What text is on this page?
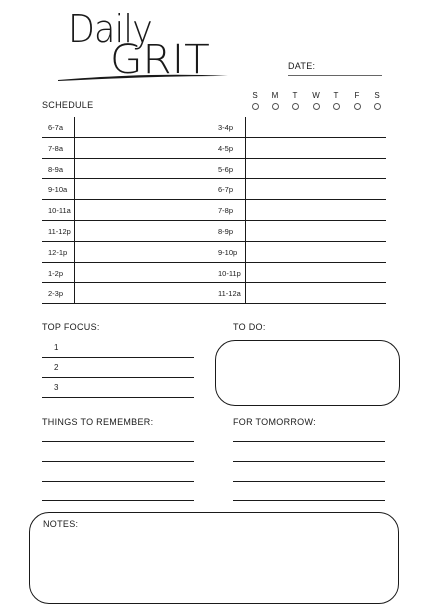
Daily
GRIT	DATE:
SCHEDULE
S	M	T	W	T	F	S
6-7a	3-4p
7-8a	4-5p
8-9a	5-6p
9-10a	6-7p
10-11a	7-8p
11-12p	8-9p
12-1p	9-10p
1-2p	10-11p
2-3p	11-12a
TOP FOCUS:
1
2
3
TO DO:
THINGS TO REMEMBER:	FOR TOMORROW:
NOTES:
